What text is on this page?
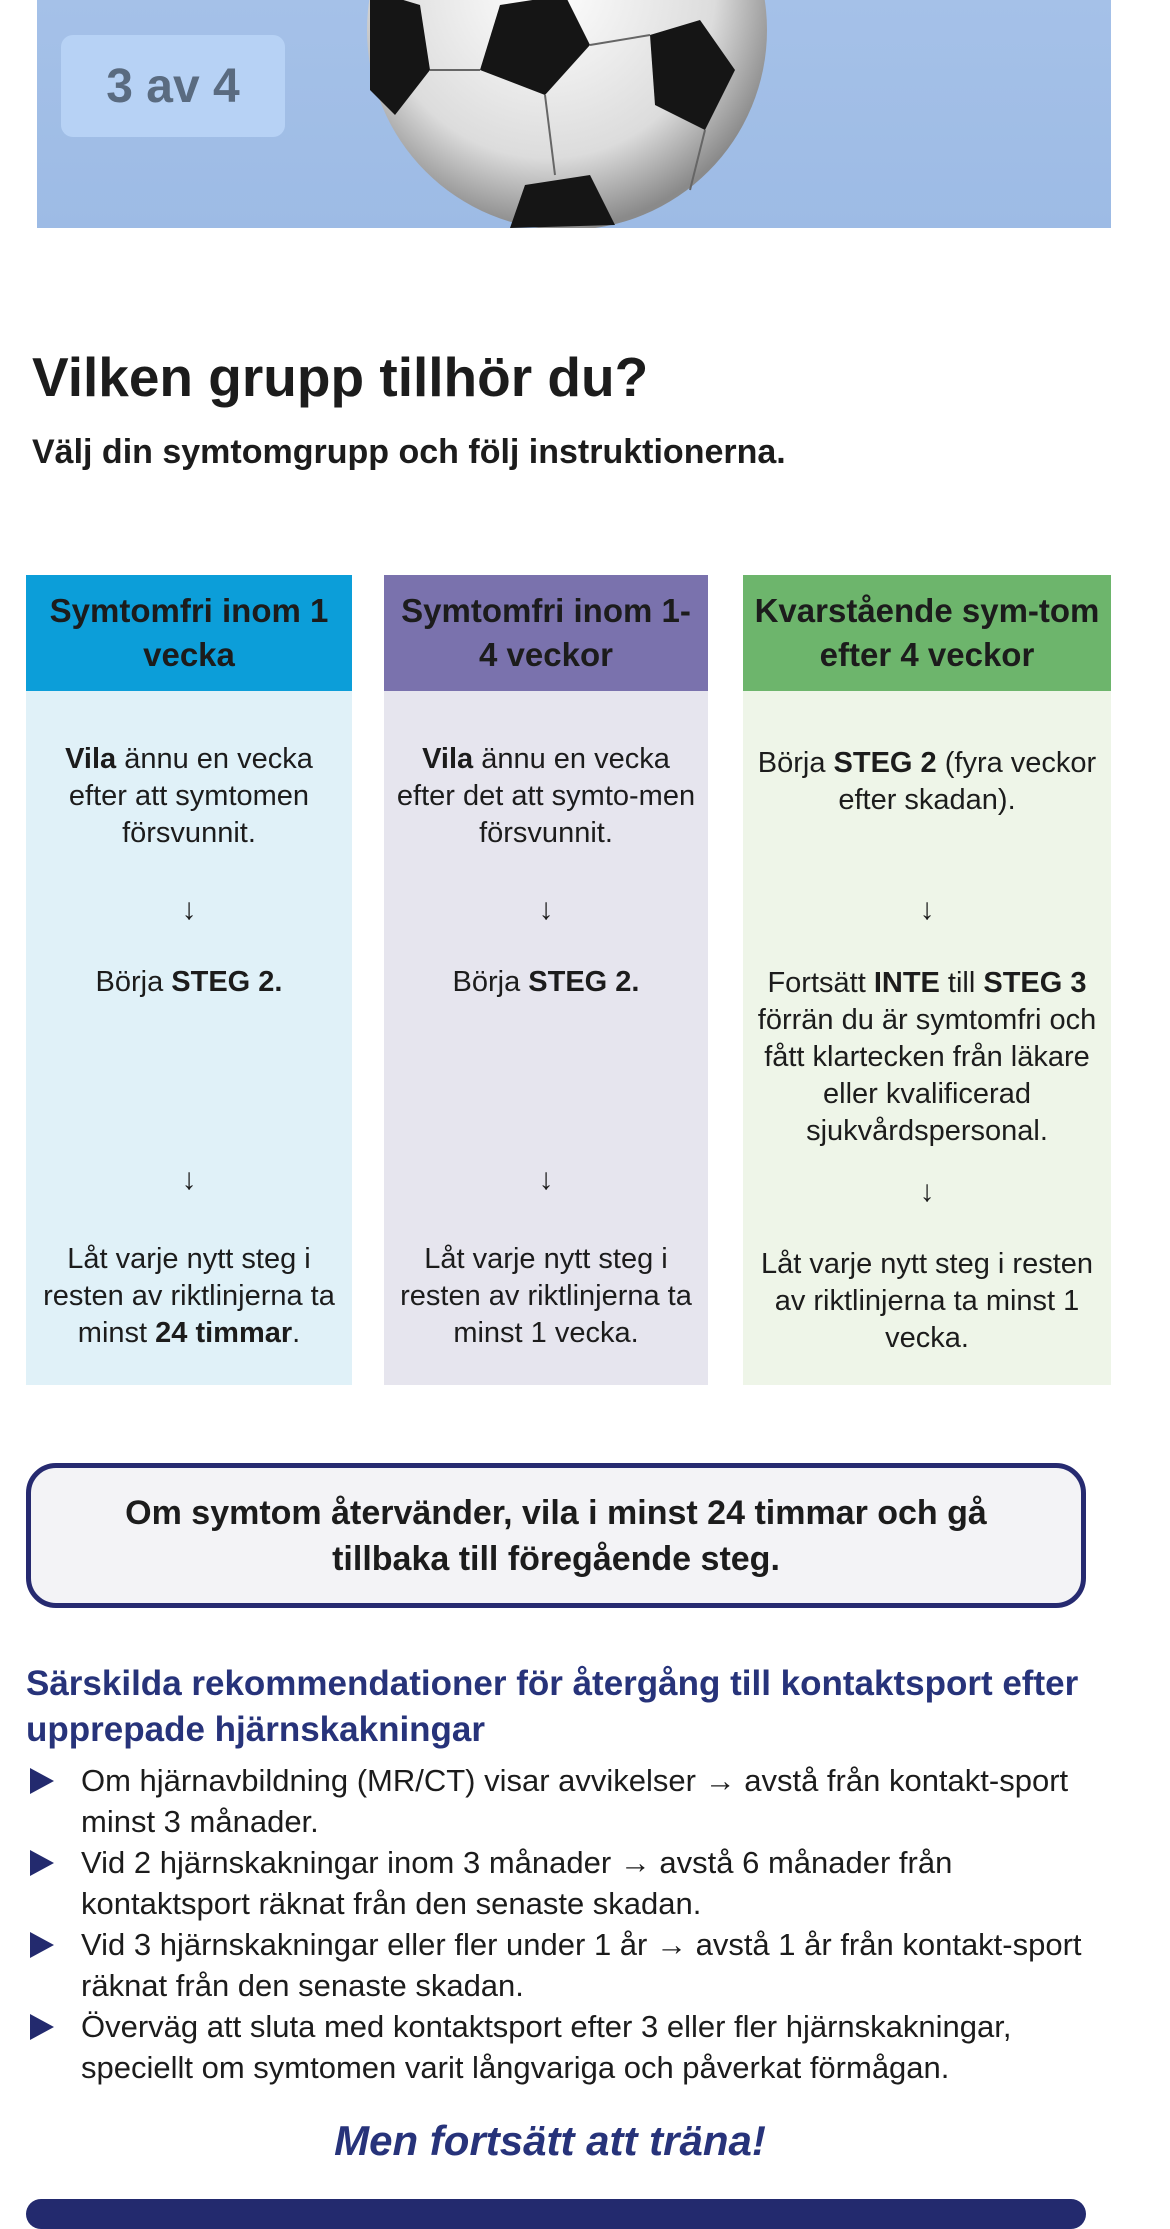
3 av 4
Vilken grupp tillhör du?
Välj din symtomgrupp och följ instruktionerna.
Symtomfri inom 1 vecka

Vila ännu en vecka efter att symtomen försvunnit.

↓

Börja STEG 2.

↓

Låt varje nytt steg i resten av riktlinjerna ta minst 24 timmar.

Symtomfri inom 1-4 veckor

Vila ännu en vecka efter det att symto-men försvunnit.

↓

Börja STEG 2.

↓

Låt varje nytt steg i resten av riktlinjerna ta minst 1 vecka.

Kvarstående sym-tom efter 4 veckor

Börja STEG 2 (fyra veckor efter skadan).

↓

Fortsätt INTE till STEG 3 förrän du är symtomfri och fått klartecken från läkare eller kvalificerad sjukvårdspersonal.

↓

Låt varje nytt steg i resten av riktlinjerna ta minst 1 vecka.

Om symtom återvänder, vila i minst 24 timmar och gå tillbaka till föregående steg.
Särskilda rekommendationer för återgång till kontaktsport efter upprepade hjärnskakningar
Om hjärnavbildning (MR/CT) visar avvikelser → avstå från kontakt-sport minst 3 månader.
Vid 2 hjärnskakningar inom 3 månader → avstå 6 månader från kontaktsport räknat från den senaste skadan.
Vid 3 hjärnskakningar eller fler under 1 år → avstå 1 år från kontakt-sport räknat från den senaste skadan.
Överväg att sluta med kontaktsport efter 3 eller fler hjärnskakningar, speciellt om symtomen varit långvariga och påverkat förmågan.

Men fortsätt att träna!
